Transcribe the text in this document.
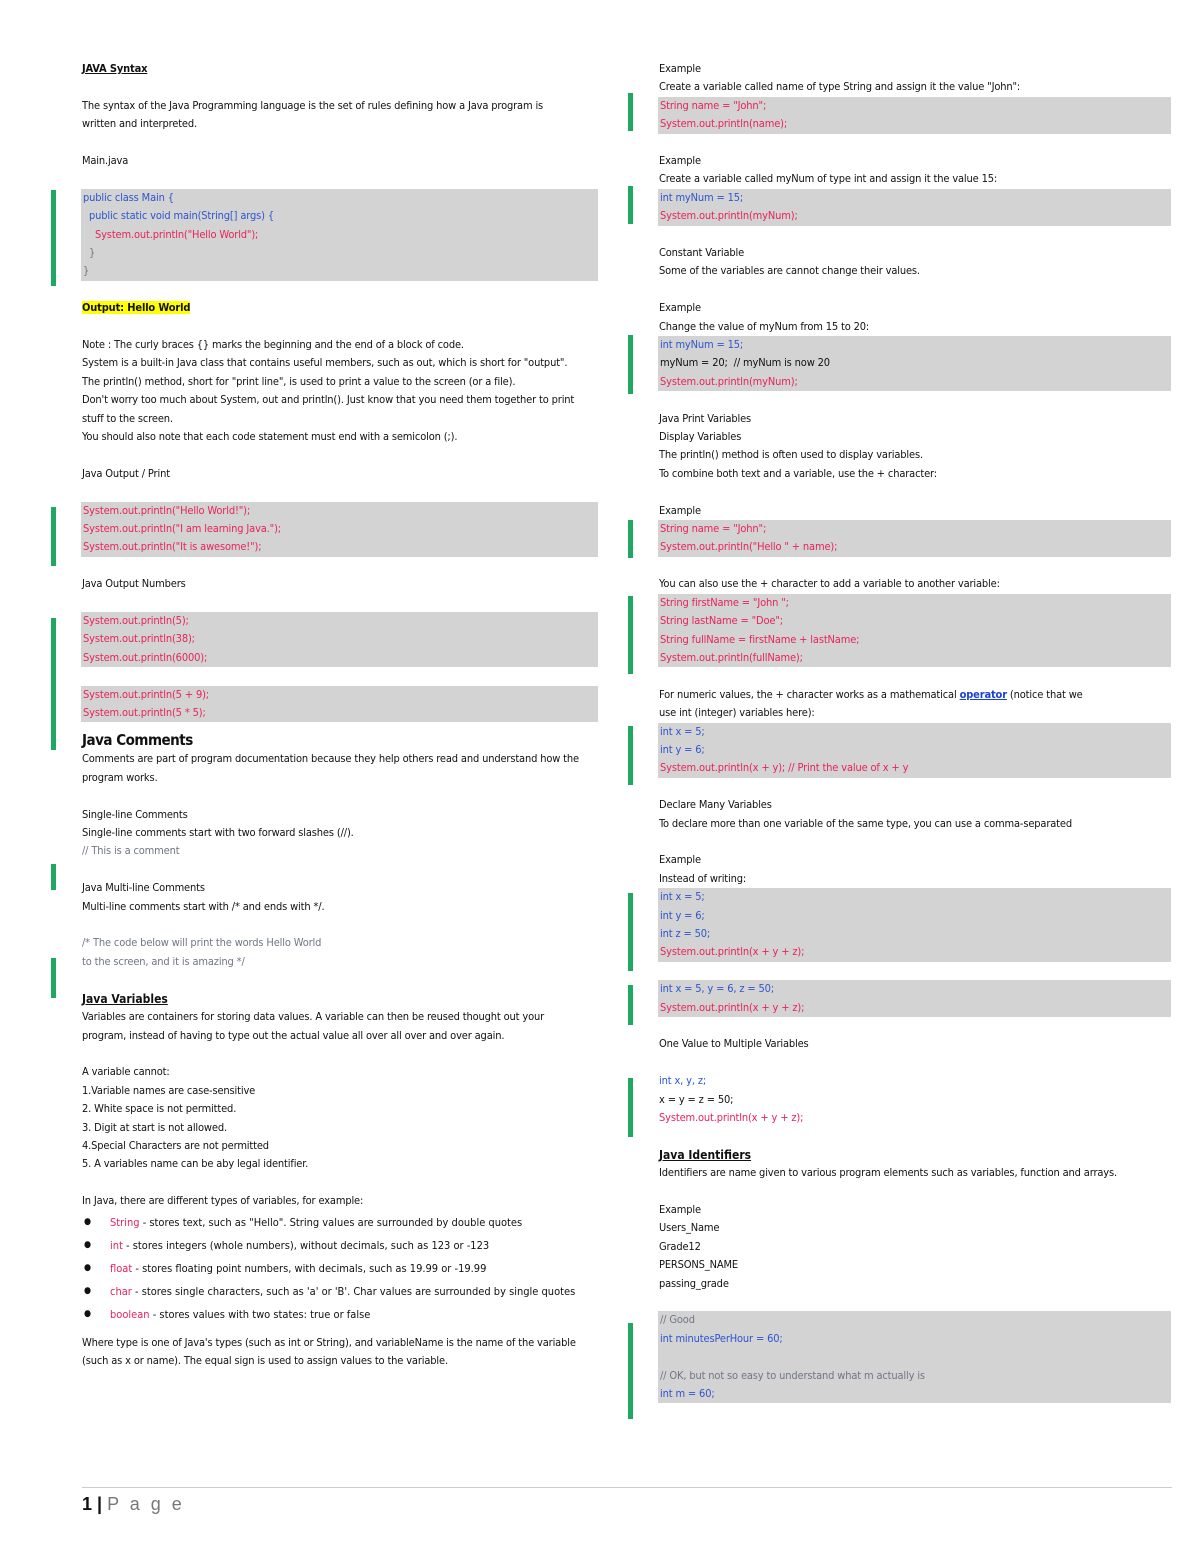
JAVA Syntax
The syntax of the Java Programming language is the set of rules defining how a Java program is
written and interpreted.
Main.java
public class Main {
public static void main(String[] args) {
System.out.println("Hello World");
}
}
Output: Hello World
Note : The curly braces {} marks the beginning and the end of a block of code.
System is a built-in Java class that contains useful members, such as out, which is short for "output".
The println() method, short for "print line", is used to print a value to the screen (or a file).
Don't worry too much about System, out and println(). Just know that you need them together to print
stuff to the screen.
You should also note that each code statement must end with a semicolon (;).
Java Output / Print
System.out.println("Hello World!");
System.out.println("I am learning Java.");
System.out.println("It is awesome!");
Java Output Numbers
System.out.println(5);
System.out.println(38);
System.out.println(6000);
System.out.println(5 + 9);
System.out.println(5 * 5);
Java Comments
Comments are part of program documentation because they help others read and understand how the
program works.
Single-line Comments
Single-line comments start with two forward slashes (//).
// This is a comment
Java Multi-line Comments
Multi-line comments start with /* and ends with */.
/* The code below will print the words Hello World
to the screen, and it is amazing */
Java Variables
Variables are containers for storing data values. A variable can then be reused thought out your
program, instead of having to type out the actual value all over all over and over again.
A variable cannot:
1.Variable names are case-sensitive
2. White space is not permitted.
3. Digit at start is not allowed.
4.Special Characters are not permitted
5. A variables name can be aby legal identifier.
In Java, there are different types of variables, for example:
● String - stores text, such as "Hello". String values are surrounded by double quotes
● int - stores integers (whole numbers), without decimals, such as 123 or -123
● float - stores floating point numbers, with decimals, such as 19.99 or -19.99
● char - stores single characters, such as 'a' or 'B'. Char values are surrounded by single quotes
● boolean - stores values with two states: true or false
Where type is one of Java's types (such as int or String), and variableName is the name of the variable
(such as x or name). The equal sign is used to assign values to the variable.
Example
Create a variable called name of type String and assign it the value "John":
String name = "John";
System.out.println(name);
Example
Create a variable called myNum of type int and assign it the value 15:
int myNum = 15;
System.out.println(myNum);
Constant Variable
Some of the variables are cannot change their values.
Example
Change the value of myNum from 15 to 20:
int myNum = 15;
myNum = 20;  // myNum is now 20
System.out.println(myNum);
Java Print Variables
Display Variables
The println() method is often used to display variables.
To combine both text and a variable, use the + character:
Example
String name = "John";
System.out.println("Hello " + name);
You can also use the + character to add a variable to another variable:
String firstName = "John ";
String lastName = "Doe";
String fullName = firstName + lastName;
System.out.println(fullName);
For numeric values, the + character works as a mathematical operator (notice that we
use int (integer) variables here):
int x = 5;
int y = 6;
System.out.println(x + y); // Print the value of x + y
Declare Many Variables
To declare more than one variable of the same type, you can use a comma-separated
Example
Instead of writing:
int x = 5;
int y = 6;
int z = 50;
System.out.println(x + y + z);
int x = 5, y = 6, z = 50;
System.out.println(x + y + z);
One Value to Multiple Variables
int x, y, z;
x = y = z = 50;
System.out.println(x + y + z);
Java Identifiers
Identifiers are name given to various program elements such as variables, function and arrays.
Example
Users_Name
Grade12
PERSONS_NAME
passing_grade
// Good
int minutesPerHour = 60;

// OK, but not so easy to understand what m actually is
int m = 60;
1 | P a g e
